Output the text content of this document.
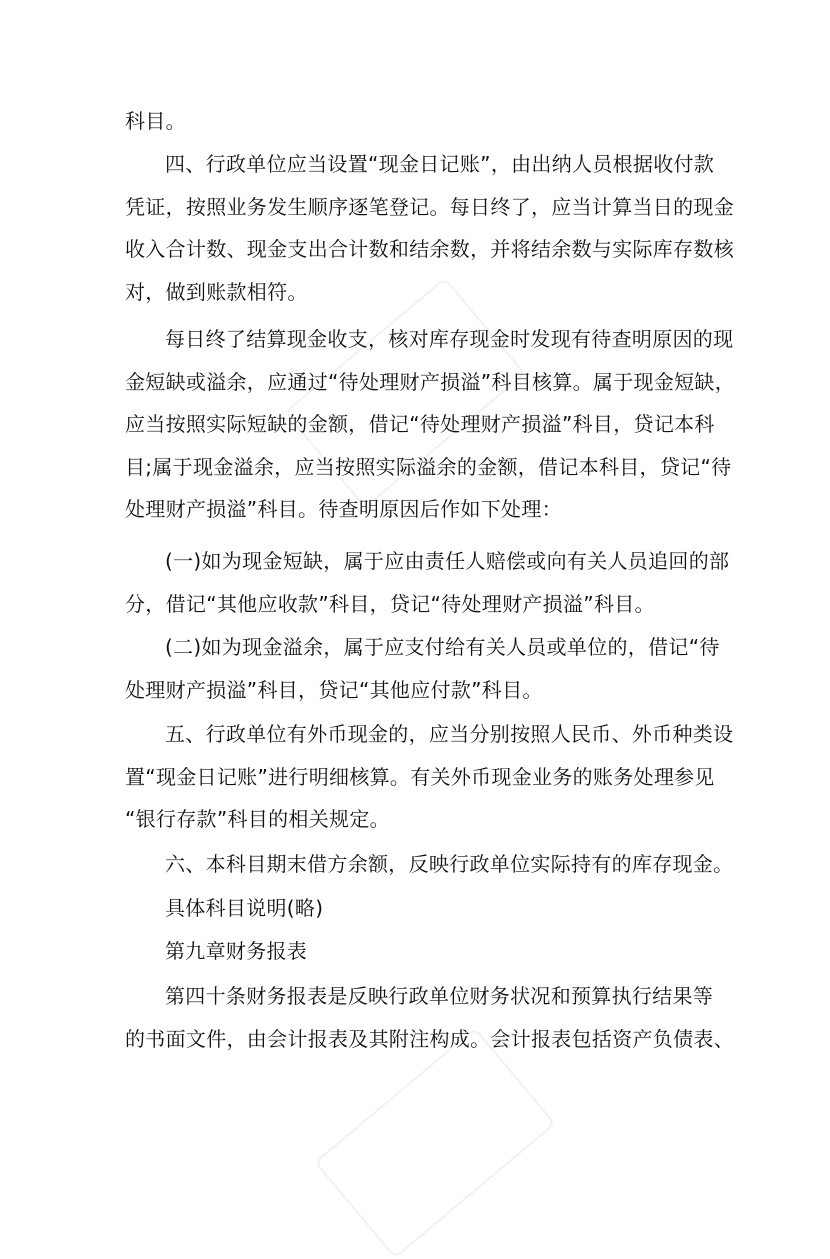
科目。

四、行政单位应当设置“现金日记账”，由出纳人员根据收付款
凭证，按照业务发生顺序逐笔登记。每日终了，应当计算当日的现金
收入合计数、现金支出合计数和结余数，并将结余数与实际库存数核
对，做到账款相符。

每日终了结算现金收支，核对库存现金时发现有待查明原因的现
金短缺或溢余，应通过“待处理财产损溢”科目核算。属于现金短缺，
应当按照实际短缺的金额，借记“待处理财产损溢”科目，贷记本科
目;属于现金溢余，应当按照实际溢余的金额，借记本科目，贷记“待
处理财产损溢”科目。待查明原因后作如下处理：

(一)如为现金短缺，属于应由责任人赔偿或向有关人员追回的部
分，借记“其他应收款”科目，贷记“待处理财产损溢”科目。

(二)如为现金溢余，属于应支付给有关人员或单位的，借记“待
处理财产损溢”科目，贷记“其他应付款”科目。

五、行政单位有外币现金的，应当分别按照人民币、外币种类设
置“现金日记账”进行明细核算。有关外币现金业务的账务处理参见
“银行存款”科目的相关规定。

六、本科目期末借方余额，反映行政单位实际持有的库存现金。

具体科目说明(略)

第九章财务报表

第四十条财务报表是反映行政单位财务状况和预算执行结果等
的书面文件，由会计报表及其附注构成。会计报表包括资产负债表、
